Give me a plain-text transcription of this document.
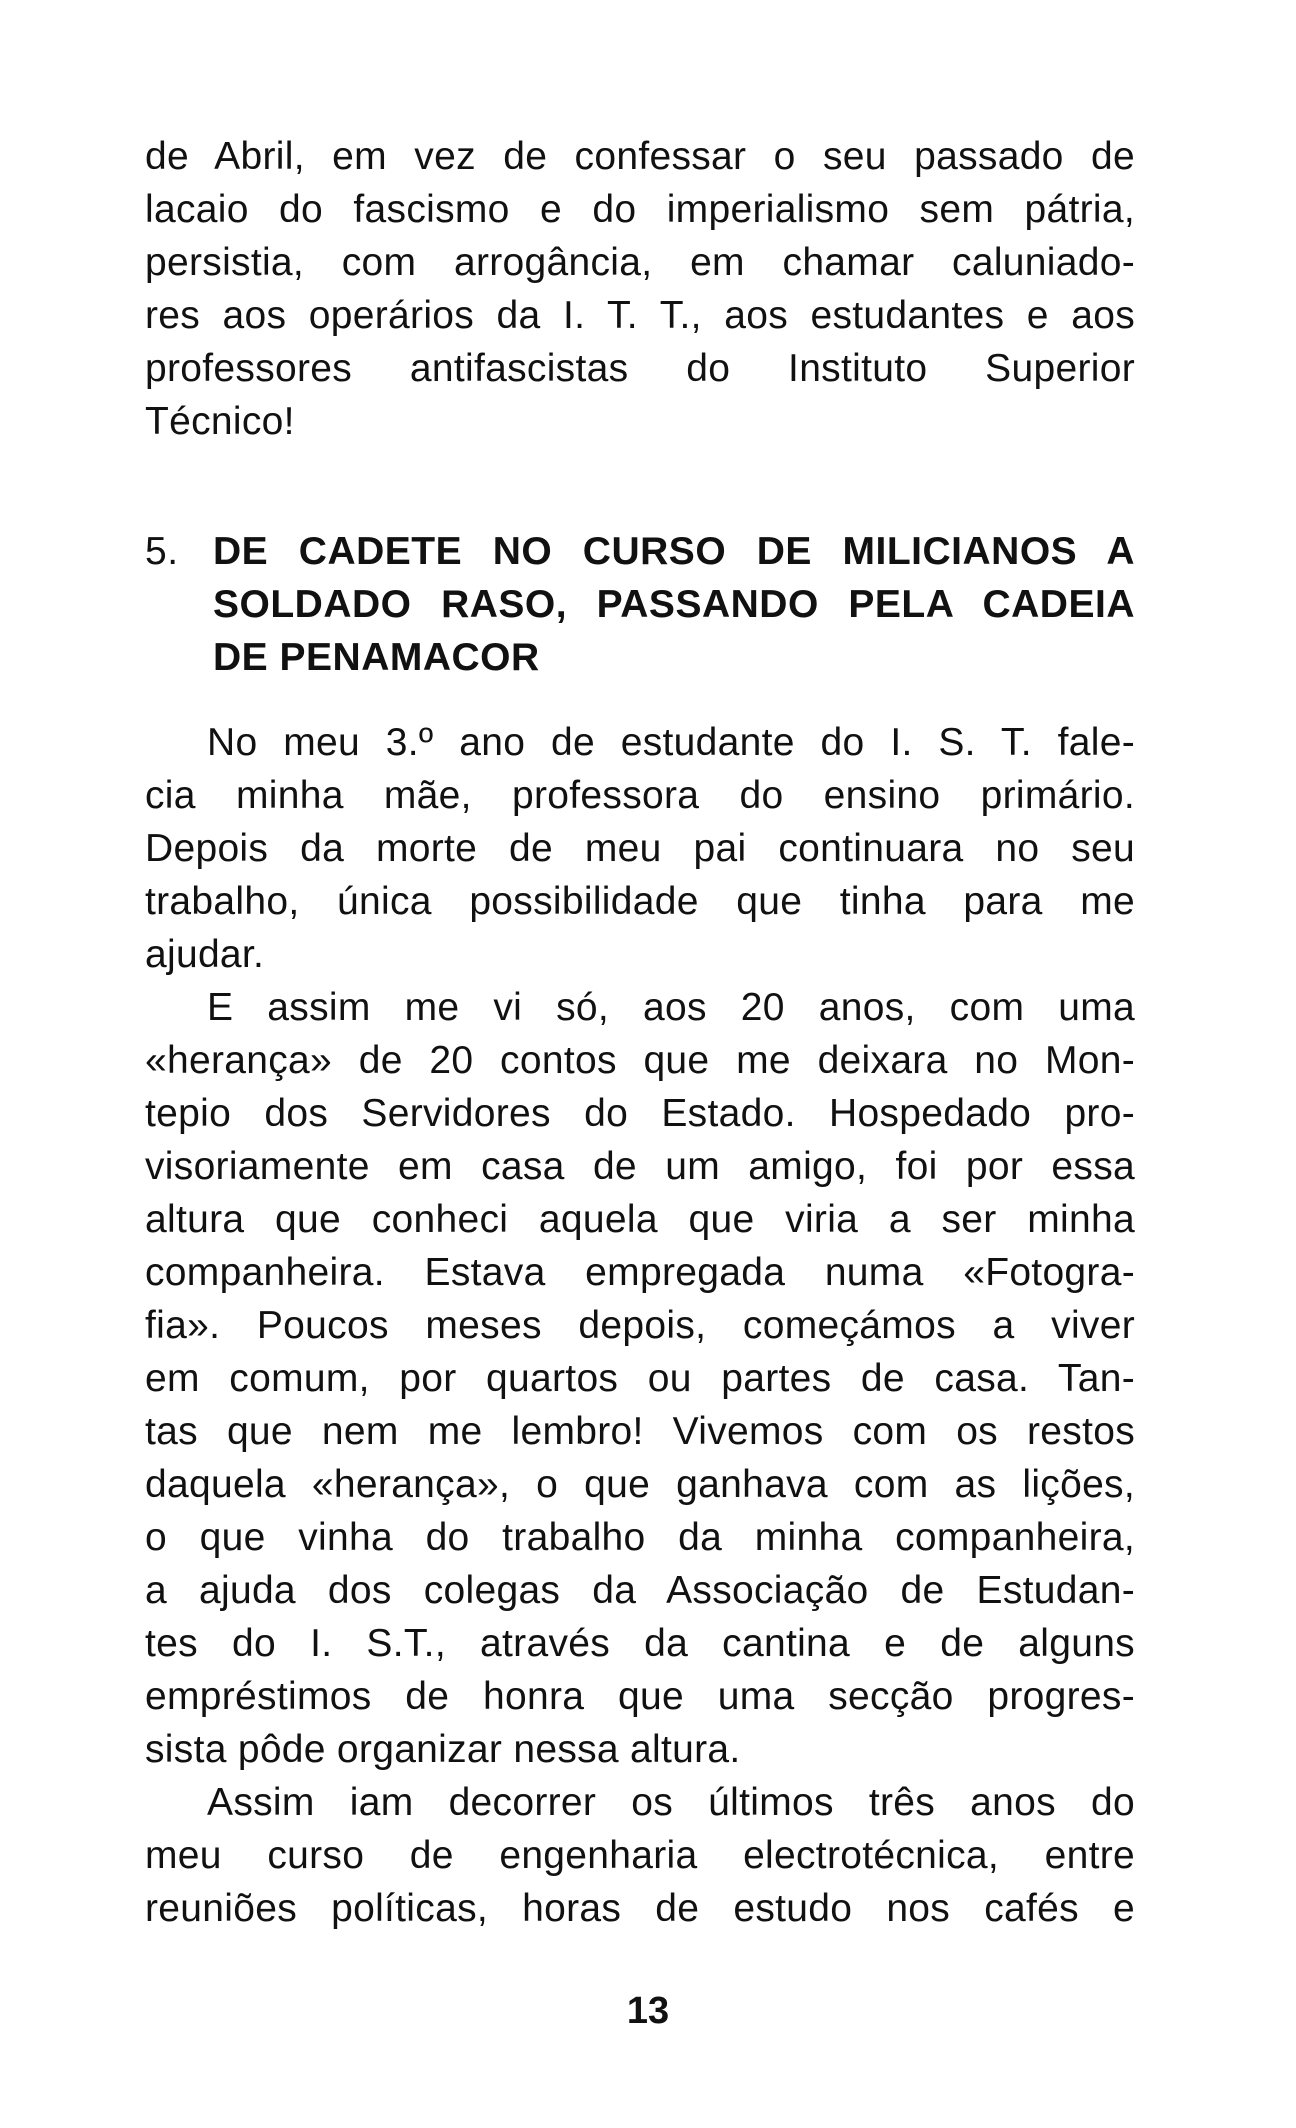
de Abril, em vez de confessar o seu passado de
lacaio do fascismo e do imperialismo sem pátria,
persistia, com arrogância, em chamar caluniado-
res aos operários da I. T. T., aos estudantes e aos
professores antifascistas do Instituto Superior
Técnico!
5. DE CADETE NO CURSO DE MILICIANOS A
SOLDADO RASO, PASSANDO PELA CADEIA
DE PENAMACOR
No meu 3.º ano de estudante do I. S. T. fale-
cia minha mãe, professora do ensino primário.
Depois da morte de meu pai continuara no seu
trabalho, única possibilidade que tinha para me
ajudar.
E assim me vi só, aos 20 anos, com uma
«herança» de 20 contos que me deixara no Mon-
tepio dos Servidores do Estado. Hospedado pro-
visoriamente em casa de um amigo, foi por essa
altura que conheci aquela que viria a ser minha
companheira. Estava empregada numa «Fotogra-
fia». Poucos meses depois, começámos a viver
em comum, por quartos ou partes de casa. Tan-
tas que nem me lembro! Vivemos com os restos
daquela «herança», o que ganhava com as lições,
o que vinha do trabalho da minha companheira,
a ajuda dos colegas da Associação de Estudan-
tes do I. S.T., através da cantina e de alguns
empréstimos de honra que uma secção progres-
sista pôde organizar nessa altura.
Assim iam decorrer os últimos três anos do
meu curso de engenharia electrotécnica, entre
reuniões políticas, horas de estudo nos cafés e
13
